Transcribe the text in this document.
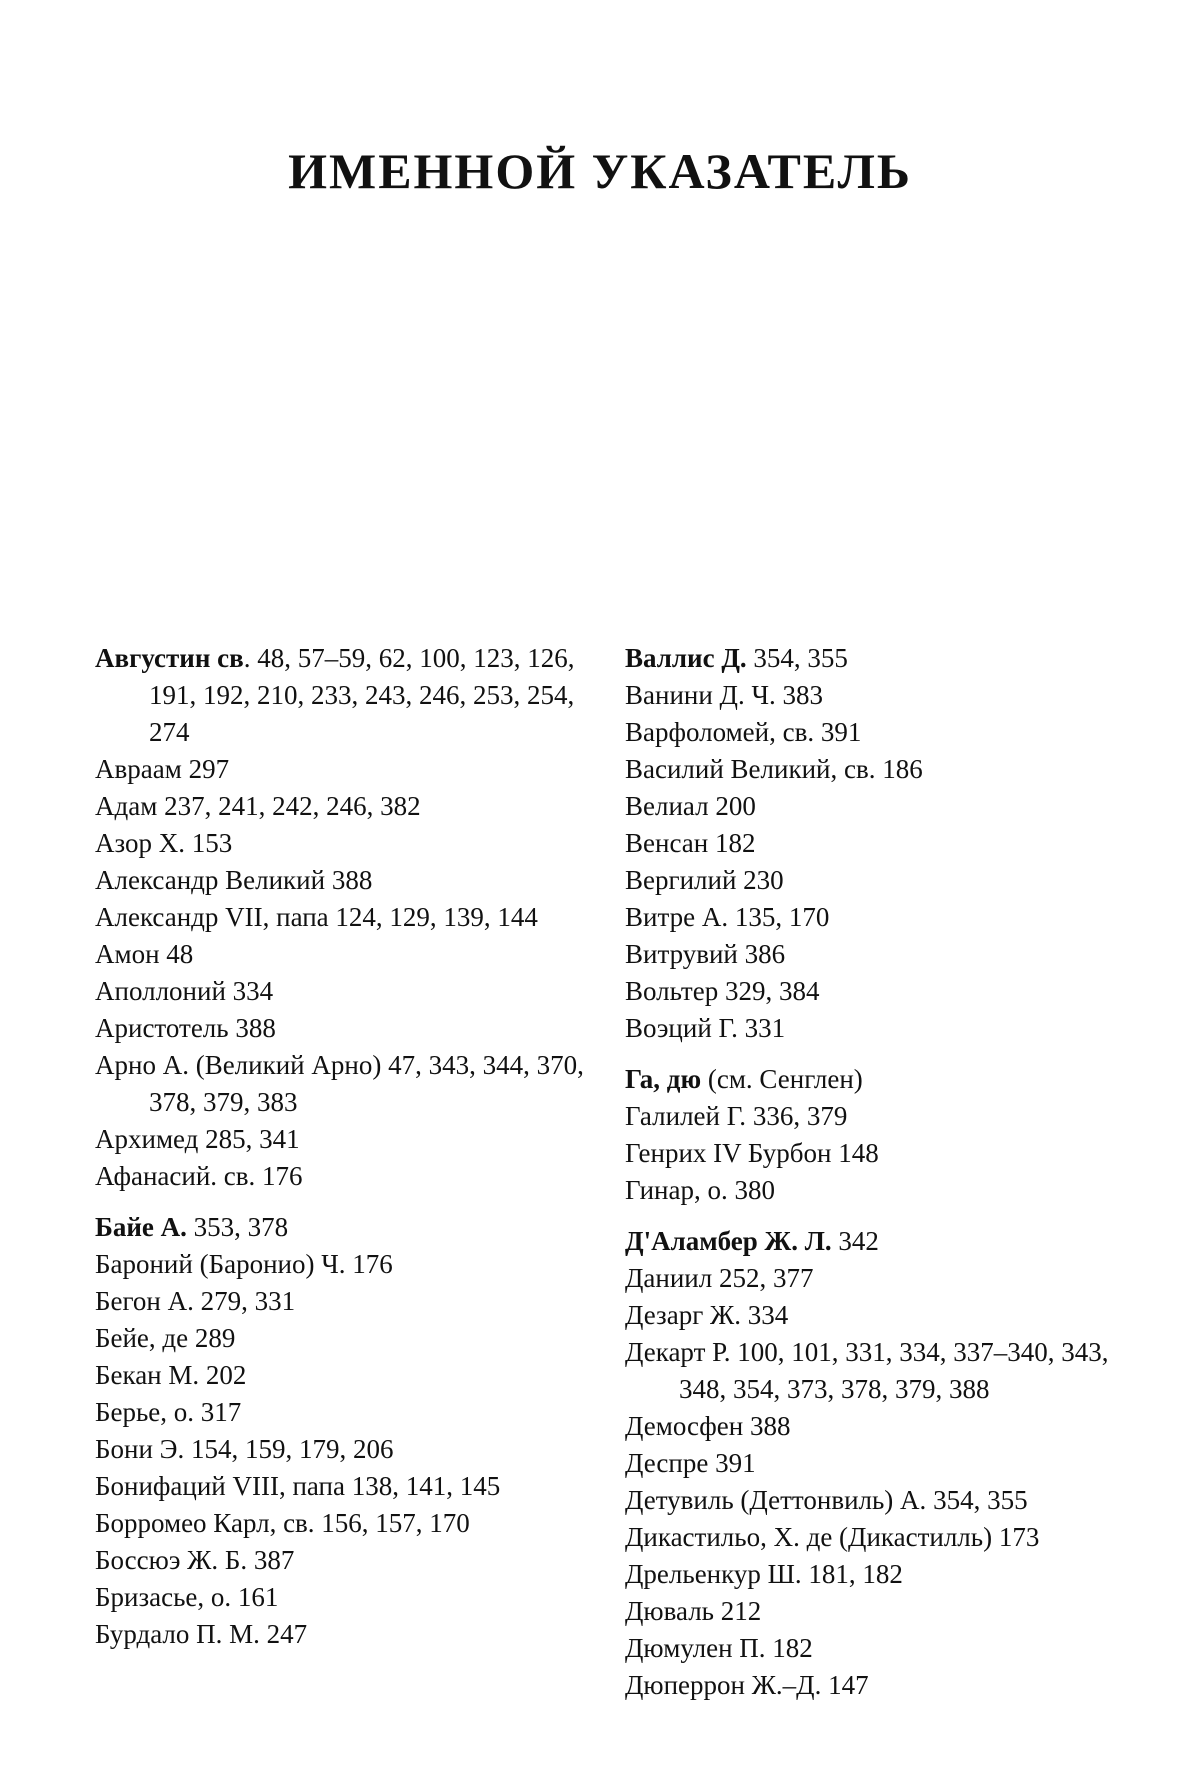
ИМЕННОЙ УКАЗАТЕЛЬ

Августин св. 48, 57–59, 62, 100, 123, 126, 191, 192, 210, 233, 243, 246, 253, 254, 274

Авраам 297

Адам 237, 241, 242, 246, 382

Азор Х. 153

Александр Великий 388

Александр VII, папа 124, 129, 139, 144

Амон 48

Аполлоний 334

Аристотель 388

Арно А. (Великий Арно) 47, 343, 344, 370, 378, 379, 383

Архимед 285, 341

Афанасий. св. 176

Байе А. 353, 378

Бароний (Баронио) Ч. 176

Бегон А. 279, 331

Бейе, де 289

Бекан М. 202

Берье, о. 317

Бони Э. 154, 159, 179, 206

Бонифаций VIII, папа 138, 141, 145

Борромео Карл, св. 156, 157, 170

Боссюэ Ж. Б. 387

Бризасье, о. 161

Бурдало П. М. 247

Валлис Д. 354, 355

Ванини Д. Ч. 383

Варфоломей, св. 391

Василий Великий, св. 186

Велиал 200

Венсан 182

Вергилий 230

Витре А. 135, 170

Витрувий 386

Вольтер 329, 384

Воэций Г. 331

Га, дю (см. Сенглен)

Галилей Г. 336, 379

Генрих IV Бурбон 148

Гинар, о. 380

Д'Аламбер Ж. Л. 342

Даниил 252, 377

Дезарг Ж. 334

Декарт Р. 100, 101, 331, 334, 337–340, 343, 348, 354, 373, 378, 379, 388

Демосфен 388

Деспре 391

Детувиль (Деттонвиль) А. 354, 355

Дикастильо, Х. де (Дикастилль) 173

Дрельенкур Ш. 181, 182

Дюваль 212

Дюмулен П. 182

Дюперрон Ж.–Д. 147
